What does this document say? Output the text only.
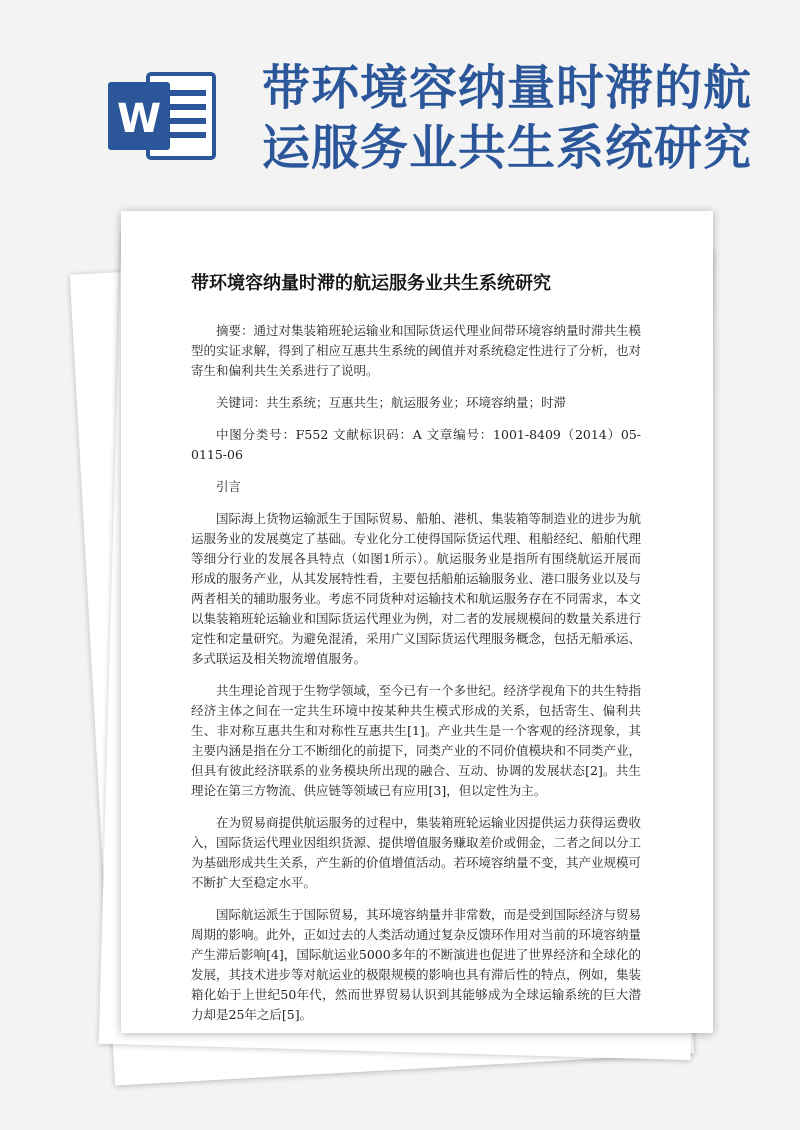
W
带环境容纳量时滞的航运服务业共生系统研究
带环境容纳量时滞的航运服务业共生系统研究

摘要：通过对集装箱班轮运输业和国际货运代理业间带环境容纳量时滞共生模型的实证求解，得到了相应互惠共生系统的阈值并对系统稳定性进行了分析，也对寄生和偏利共生关系进行了说明。

关键词：共生系统；互惠共生；航运服务业；环境容纳量；时滞

中图分类号：F552 文献标识码：A 文章编号：1001-8409（2014）05-0115-06

引言

国际海上货物运输派生于国际贸易、船舶、港机、集装箱等制造业的进步为航运服务业的发展奠定了基础。专业化分工使得国际货运代理、租船经纪、船舶代理等细分行业的发展各具特点（如图1所示）。航运服务业是指所有围绕航运开展而形成的服务产业，从其发展特性看，主要包括船舶运输服务业、港口服务业以及与两者相关的辅助服务业。考虑不同货种对运输技术和航运服务存在不同需求，本文以集装箱班轮运输业和国际货运代理业为例，对二者的发展规模间的数量关系进行定性和定量研究。为避免混淆，采用广义国际货运代理服务概念，包括无船承运、多式联运及相关物流增值服务。

共生理论首现于生物学领域，至今已有一个多世纪。经济学视角下的共生特指经济主体之间在一定共生环境中按某种共生模式形成的关系，包括寄生、偏利共生、非对称互惠共生和对称性互惠共生[1]。产业共生是一个客观的经济现象，其主要内涵是指在分工不断细化的前提下，同类产业的不同价值模块和不同类产业，但具有彼此经济联系的业务模块所出现的融合、互动、协调的发展状态[2]。共生理论在第三方物流、供应链等领域已有应用[3]，但以定性为主。

在为贸易商提供航运服务的过程中，集装箱班轮运输业因提供运力获得运费收入，国际货运代理业因组织货源、提供增值服务赚取差价或佣金，二者之间以分工为基础形成共生关系，产生新的价值增值活动。若环境容纳量不变，其产业规模可不断扩大至稳定水平。

国际航运派生于国际贸易，其环境容纳量并非常数，而是受到国际经济与贸易周期的影响。此外，正如过去的人类活动通过复杂反馈环作用对当前的环境容纳量产生滞后影响[4]，国际航运业5000多年的不断演进也促进了世界经济和全球化的发展，其技术进步等对航运业的极限规模的影响也具有滞后性的特点，例如，集装箱化始于上世纪50年代，然而世界贸易认识到其能够成为全球运输系统的巨大潜力却是25年之后[5]。
